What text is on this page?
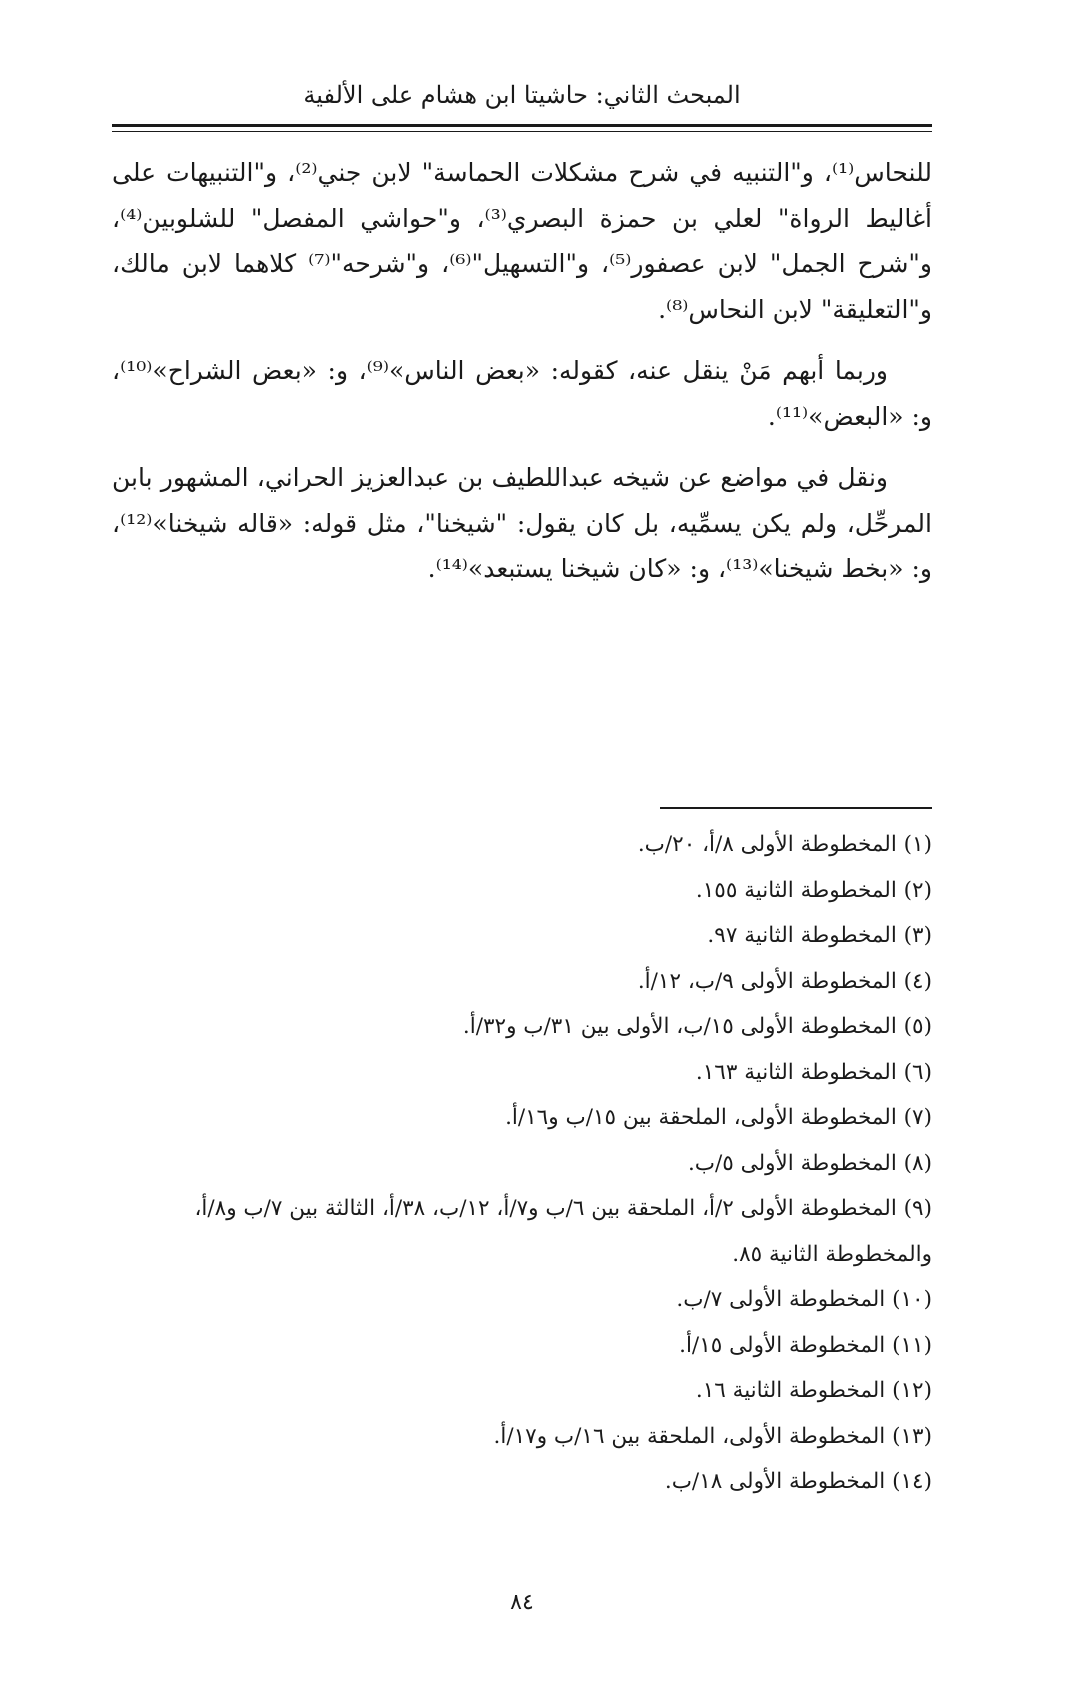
المبحث الثاني: حاشيتا ابن هشام على الألفية

للنحاس⁽¹⁾، و"التنبيه في شرح مشكلات الحماسة" لابن جني⁽²⁾، و"التنبيهات على أغاليط الرواة" لعلي بن حمزة البصري⁽³⁾، و"حواشي المفصل" للشلوبين⁽⁴⁾، و"شرح الجمل" لابن عصفور⁽⁵⁾، و"التسهيل"⁽⁶⁾، و"شرحه"⁽⁷⁾ كلاهما لابن مالك، و"التعليقة" لابن النحاس⁽⁸⁾.

وربما أبهم مَنْ ينقل عنه، كقوله: «بعض الناس»⁽⁹⁾، و: «بعض الشراح»⁽¹⁰⁾، و: «البعض»⁽¹¹⁾.

ونقل في مواضع عن شيخه عبداللطيف بن عبدالعزيز الحراني، المشهور بابن المرحِّل، ولم يكن يسمِّيه، بل كان يقول: "شيخنا"، مثل قوله: «قاله شيخنا»⁽¹²⁾، و: «بخط شيخنا»⁽¹³⁾، و: «كان شيخنا يستبعد»⁽¹⁴⁾.

(١) المخطوطة الأولى ٨/أ، ٢٠/ب.
(٢) المخطوطة الثانية ١٥٥.
(٣) المخطوطة الثانية ٩٧.
(٤) المخطوطة الأولى ٩/ب، ١٢/أ.
(٥) المخطوطة الأولى ١٥/ب، الأولى بين ٣١/ب و٣٢/أ.
(٦) المخطوطة الثانية ١٦٣.
(٧) المخطوطة الأولى، الملحقة بين ١٥/ب و١٦/أ.
(٨) المخطوطة الأولى ٥/ب.
(٩) المخطوطة الأولى ٢/أ، الملحقة بين ٦/ب و٧/أ، ١٢/ب، ٣٨/أ، الثالثة بين ٧/ب و٨/أ، والمخطوطة الثانية ٨٥.
(١٠) المخطوطة الأولى ٧/ب.
(١١) المخطوطة الأولى ١٥/أ.
(١٢) المخطوطة الثانية ١٦.
(١٣) المخطوطة الأولى، الملحقة بين ١٦/ب و١٧/أ.
(١٤) المخطوطة الأولى ١٨/ب.
٨٤
